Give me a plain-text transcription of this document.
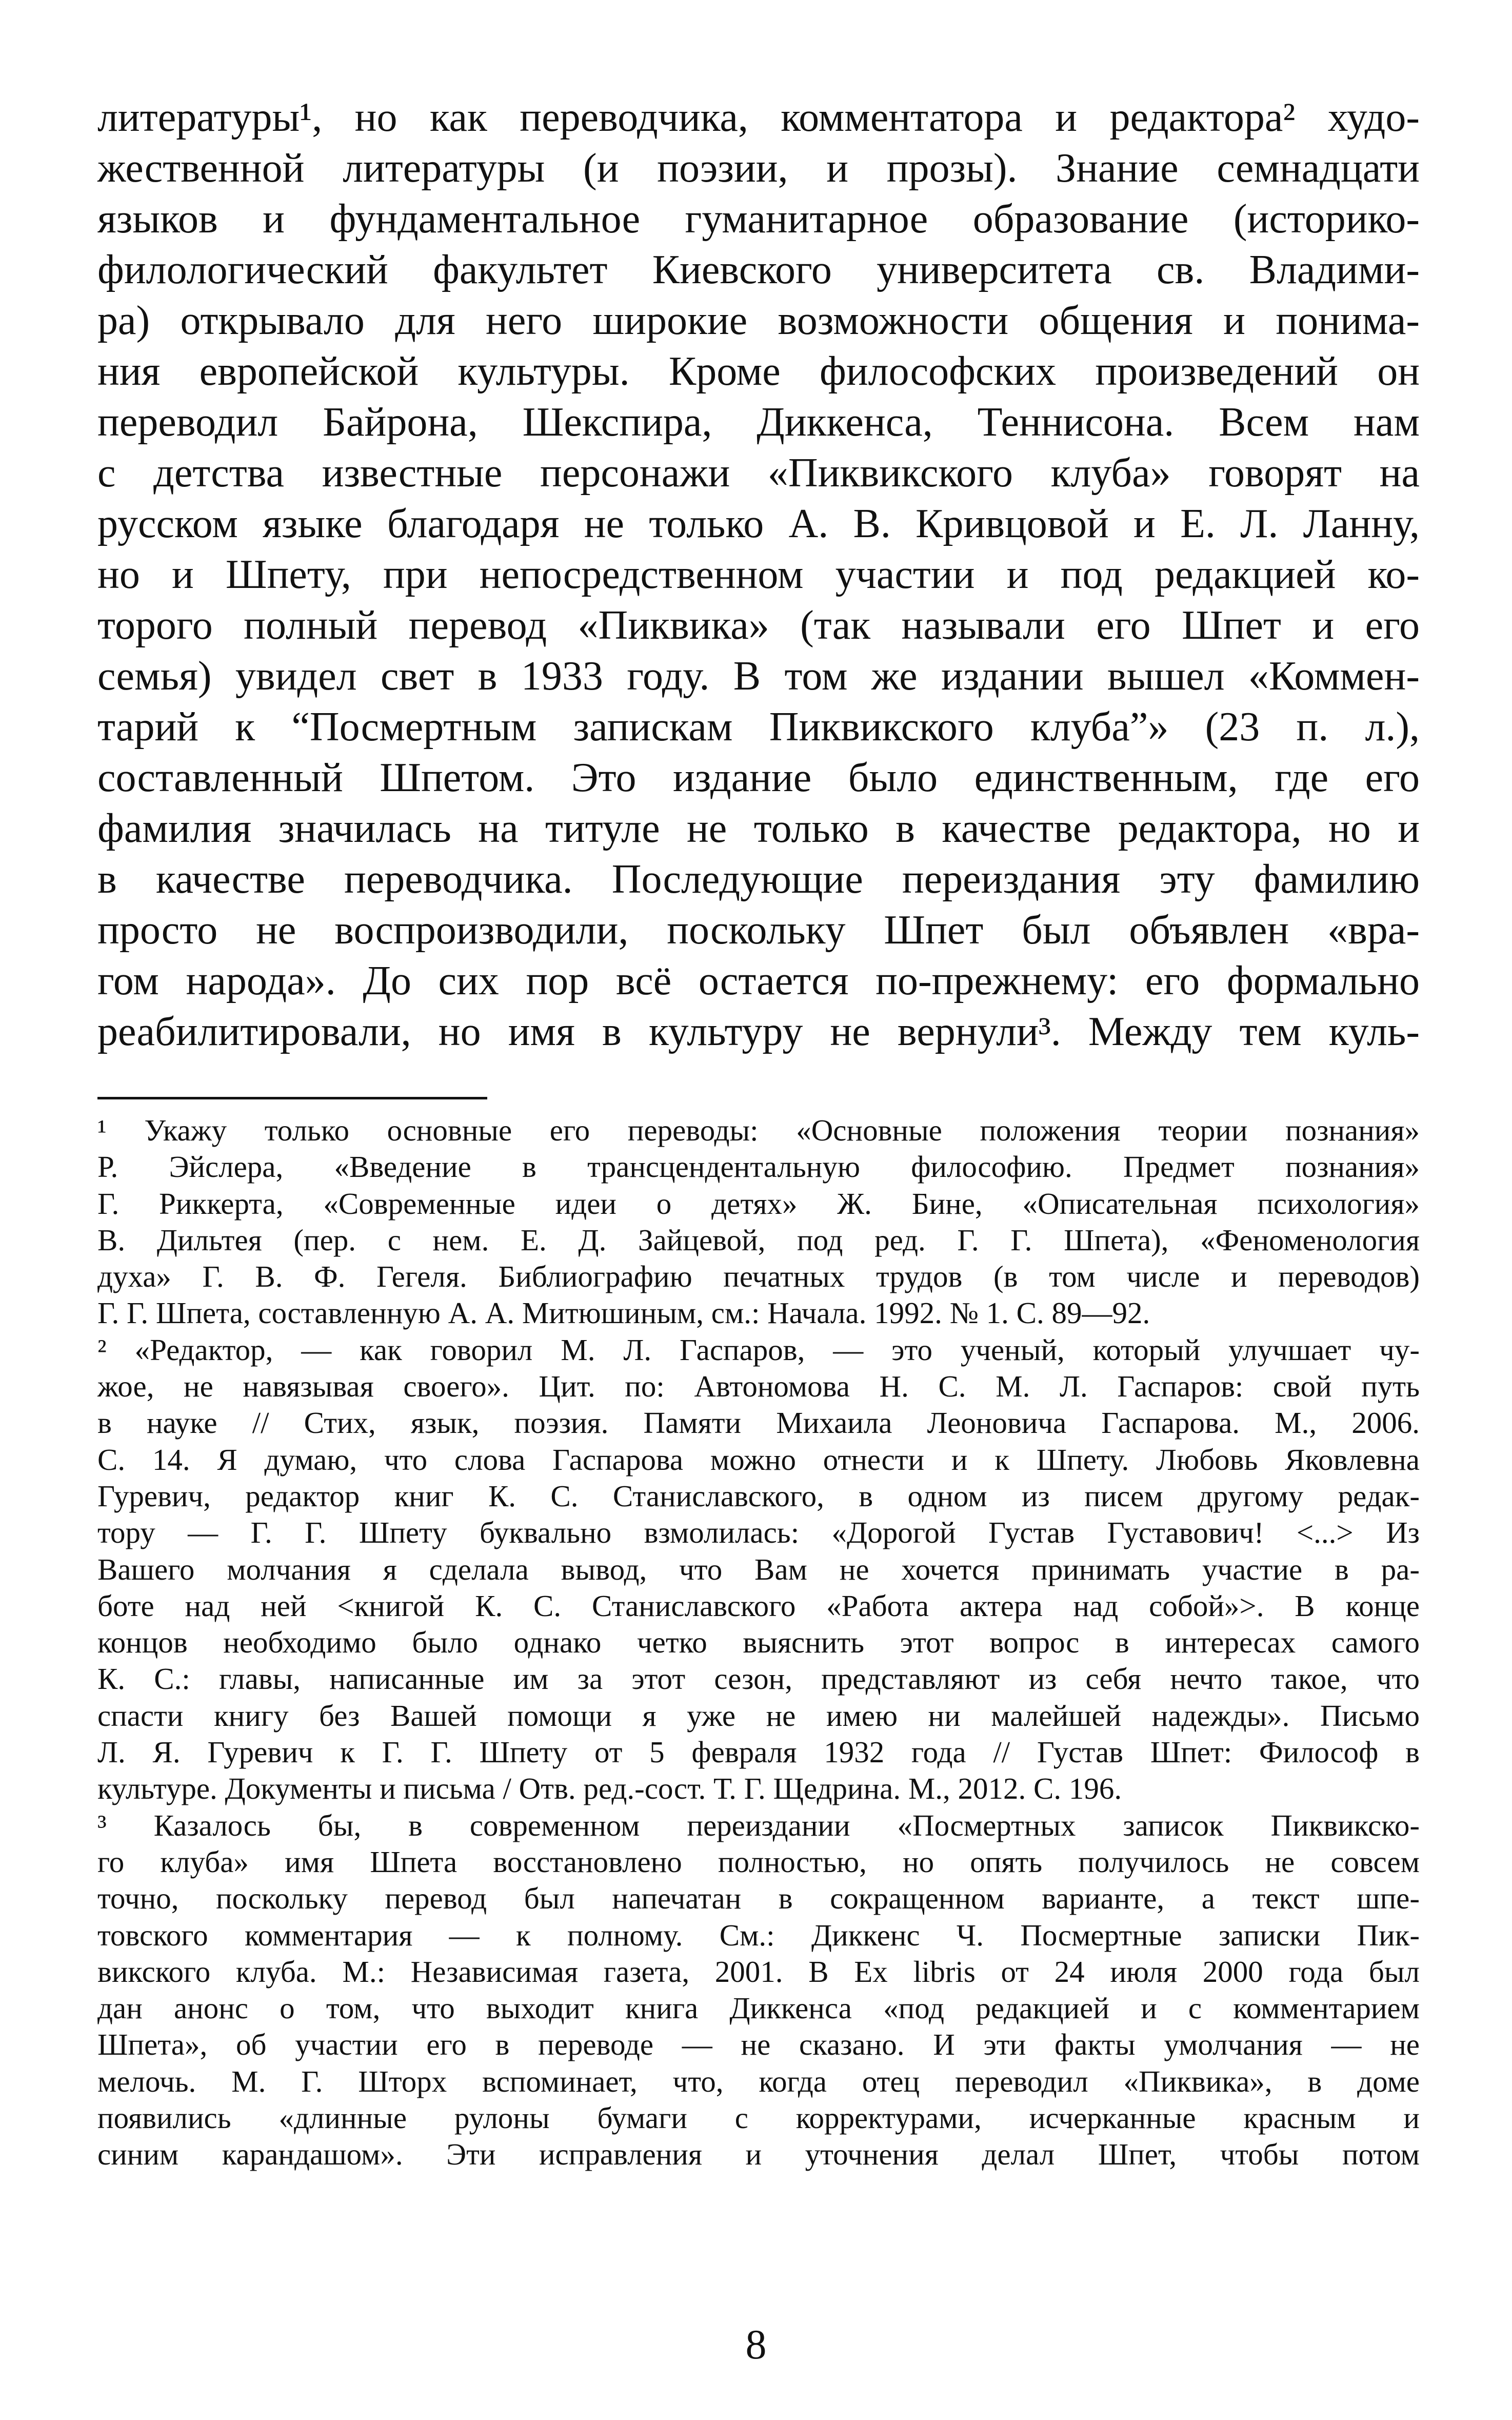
литературы¹, но как переводчика, комментатора и редактора² худо-
жественной литературы (и поэзии, и прозы). Знание семнадцати
языков и фундаментальное гуманитарное образование (историко-
филологический факультет Киевского университета св. Владими-
ра) открывало для него широкие возможности общения и понима-
ния европейской культуры. Кроме философских произведений он
переводил Байрона, Шекспира, Диккенса, Теннисона. Всем нам
с детства известные персонажи «Пиквикского клуба» говорят на
русском языке благодаря не только А. В. Кривцовой и Е. Л. Ланну,
но и Шпету, при непосредственном участии и под редакцией ко-
торого полный перевод «Пиквика» (так называли его Шпет и его
семья) увидел свет в 1933 году. В том же издании вышел «Коммен-
тарий к “Посмертным запискам Пиквикского клуба”» (23 п. л.),
составленный Шпетом. Это издание было единственным, где его
фамилия значилась на титуле не только в качестве редактора, но и
в качестве переводчика. Последующие переиздания эту фамилию
просто не воспроизводили, поскольку Шпет был объявлен «вра-
гом народа». До сих пор всё остается по-прежнему: его формально
реабилитировали, но имя в культуру не вернули³. Между тем куль-
¹ Укажу только основные его переводы: «Основные положения теории познания»
Р. Эйслера, «Введение в трансцендентальную философию. Предмет познания»
Г. Риккерта, «Современные идеи о детях» Ж. Бине, «Описательная психология»
В. Дильтея (пер. с нем. Е. Д. Зайцевой, под ред. Г. Г. Шпета), «Феноменология
духа» Г. В. Ф. Гегеля. Библиографию печатных трудов (в том числе и переводов)
Г. Г. Шпета, составленную А. А. Митюшиным, см.: Начала. 1992. № 1. С. 89—92.
² «Редактор, — как говорил М. Л. Гаспаров, — это ученый, который улучшает чу-
жое, не навязывая своего». Цит. по: Автономова Н. С. М. Л. Гаспаров: свой путь
в науке // Стих, язык, поэзия. Памяти Михаила Леоновича Гаспарова. М., 2006.
С. 14. Я думаю, что слова Гаспарова можно отнести и к Шпету. Любовь Яковлевна
Гуревич, редактор книг К. С. Станиславского, в одном из писем другому редак-
тору — Г. Г. Шпету буквально взмолилась: «Дорогой Густав Густавович! <...> Из
Вашего молчания я сделала вывод, что Вам не хочется принимать участие в ра-
боте над ней <книгой К. С. Станиславского «Работа актера над собой»>. В конце
концов необходимо было однако четко выяснить этот вопрос в интересах самого
К. С.: главы, написанные им за этот сезон, представляют из себя нечто такое, что
спасти книгу без Вашей помощи я уже не имею ни малейшей надежды». Письмо
Л. Я. Гуревич к Г. Г. Шпету от 5 февраля 1932 года // Густав Шпет: Философ в
культуре. Документы и письма / Отв. ред.-сост. Т. Г. Щедрина. М., 2012. С. 196.
³ Казалось бы, в современном переиздании «Посмертных записок Пиквикско-
го клуба» имя Шпета восстановлено полностью, но опять получилось не совсем
точно, поскольку перевод был напечатан в сокращенном варианте, а текст шпе-
товского комментария — к полному. См.: Диккенс Ч. Посмертные записки Пик-
викского клуба. М.: Независимая газета, 2001. В Ex libris от 24 июля 2000 года был
дан анонс о том, что выходит книга Диккенса «под редакцией и с комментарием
Шпета», об участии его в переводе — не сказано. И эти факты умолчания — не
мелочь. М. Г. Шторх вспоминает, что, когда отец переводил «Пиквика», в доме
появились «длинные рулоны бумаги с корректурами, исчерканные красным и
синим карандашом». Эти исправления и уточнения делал Шпет, чтобы потом
8
